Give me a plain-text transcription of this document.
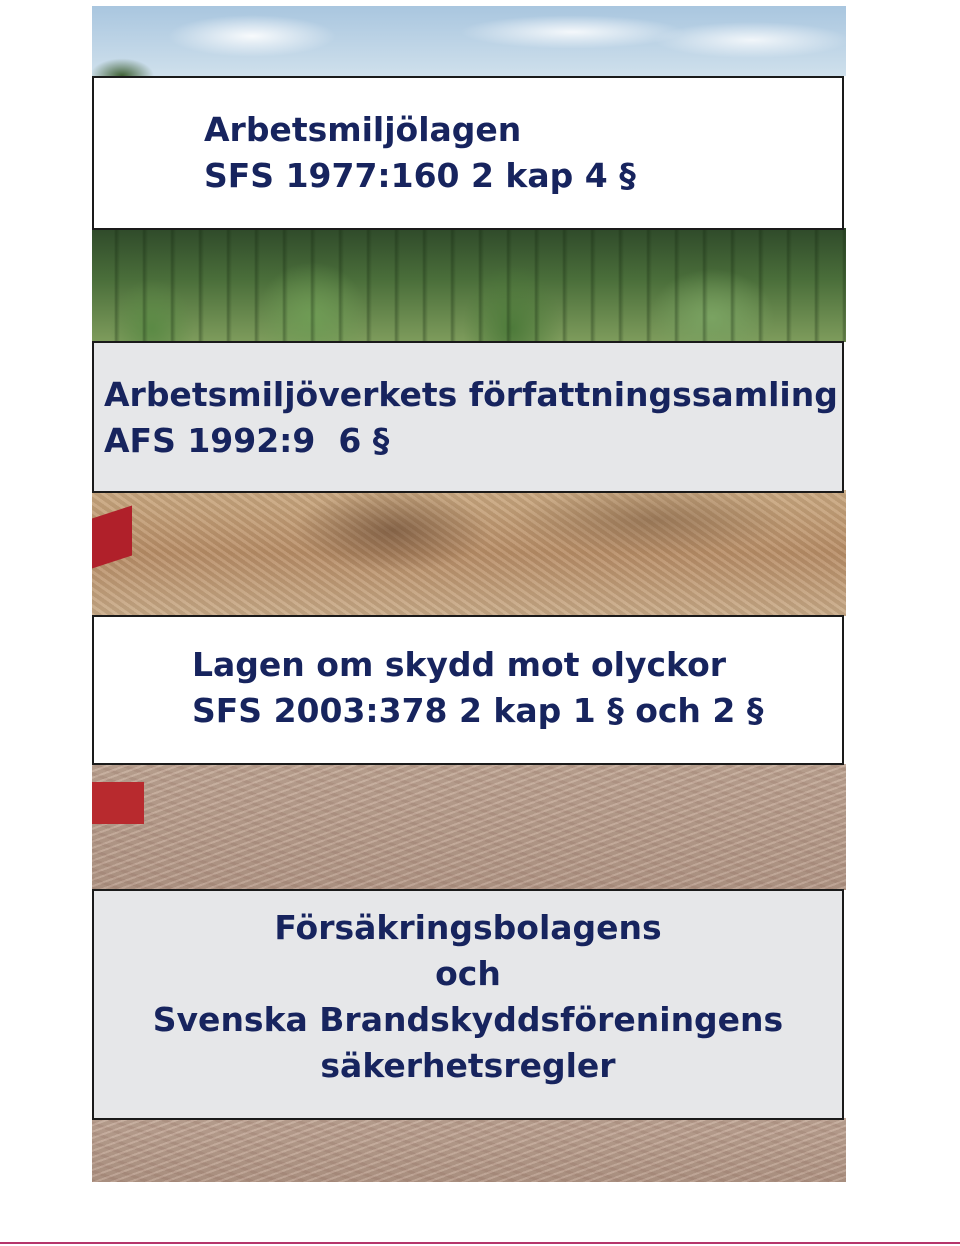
Arbetsmiljölagen
SFS 1977:160 2 kap 4 §
Arbetsmiljöverkets författningssamling
AFS 1992:9  6 §
Lagen om skydd mot olyckor
SFS 2003:378 2 kap 1 § och 2 §
Försäkringsbolagens
och
Svenska Brandskyddsföreningens
säkerhetsregler
